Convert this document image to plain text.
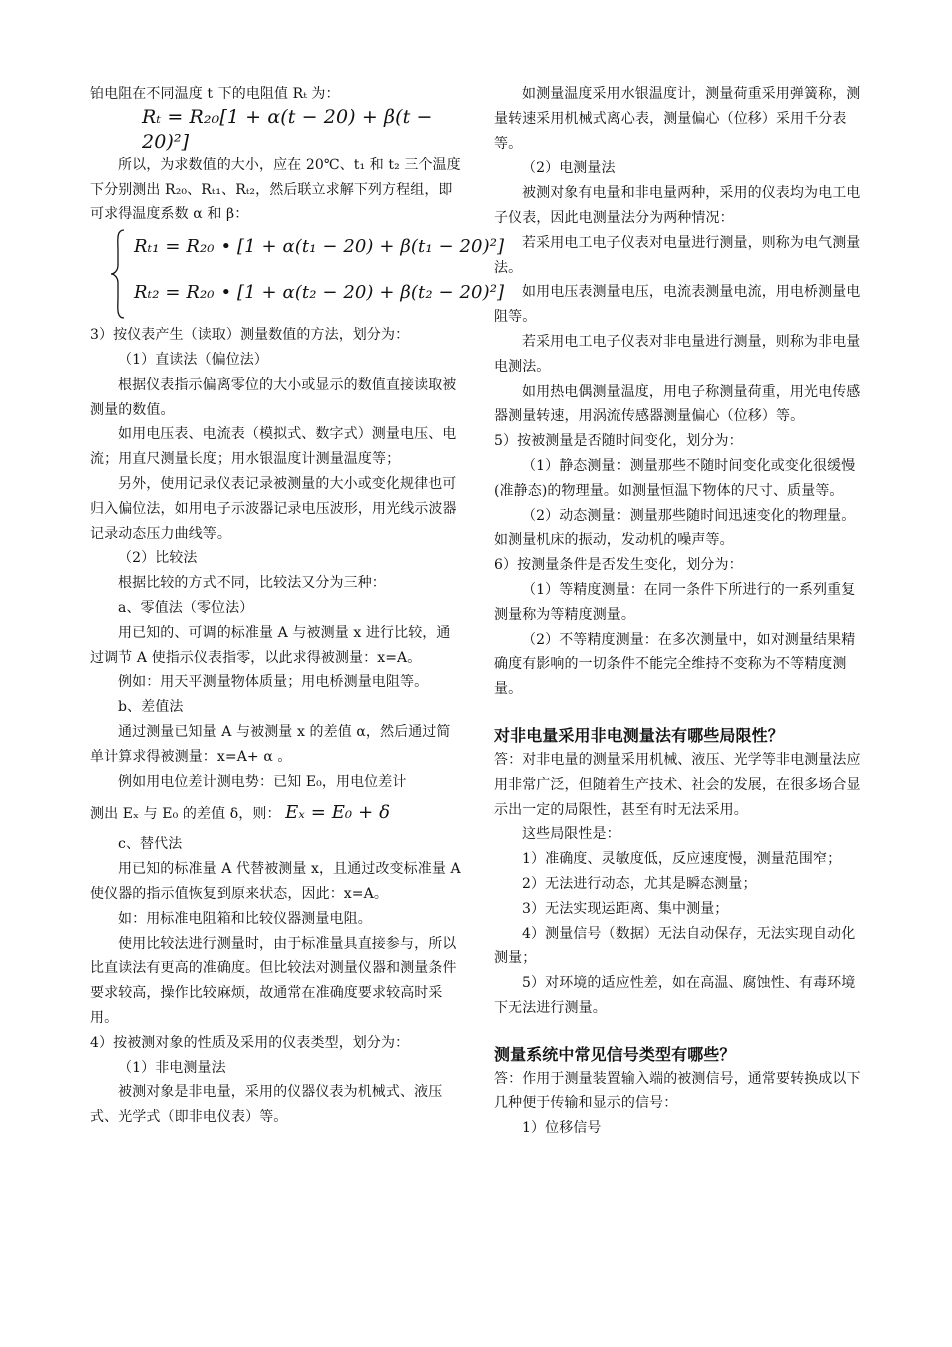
铂电阻在不同温度 t 下的电阻值 Rₜ 为：

Rₜ = R₂₀[1 + α(t − 20) + β(t − 20)²]

所以，为求数值的大小，应在 20℃、t₁ 和 t₂ 三个温度下分别测出 R₂₀、Rₜ₁、Rₜ₂，然后联立求解下列方程组，即可求得温度系数 α 和 β：

Rₜ₁ = R₂₀ • [1 + α(t₁ − 20) + β(t₁ − 20)²]
Rₜ₂ = R₂₀ • [1 + α(t₂ − 20) + β(t₂ − 20)²]

3）按仪表产生（读取）测量数值的方法，划分为：

（1）直读法（偏位法）

根据仪表指示偏离零位的大小或显示的数值直接读取被测量的数值。

如用电压表、电流表（模拟式、数字式）测量电压、电流；用直尺测量长度；用水银温度计测量温度等；

另外，使用记录仪表记录被测量的大小或变化规律也可归入偏位法，如用电子示波器记录电压波形，用光线示波器记录动态压力曲线等。

（2）比较法

根据比较的方式不同，比较法又分为三种：

a、零值法（零位法）

用已知的、可调的标准量 A 与被测量 x 进行比较，通过调节 A 使指示仪表指零，以此求得被测量：x=A。

例如：用天平测量物体质量；用电桥测量电阻等。

b、差值法

通过测量已知量 A 与被测量 x 的差值 α，然后通过简单计算求得被测量：x=A+ α 。

例如用电位差计测电势：已知 E₀，用电位差计

测出 Eₓ 与 E₀ 的差值 δ，则： Eₓ = E₀ + δ

c、替代法

用已知的标准量 A 代替被测量 x，且通过改变标准量 A 使仪器的指示值恢复到原来状态，因此：x=A。

如：用标准电阻箱和比较仪器测量电阻。

使用比较法进行测量时，由于标准量具直接参与，所以比直读法有更高的准确度。但比较法对测量仪器和测量条件要求较高，操作比较麻烦，故通常在准确度要求较高时采用。

4）按被测对象的性质及采用的仪表类型，划分为：

（1）非电测量法

被测对象是非电量，采用的仪器仪表为机械式、液压式、光学式（即非电仪表）等。

如测量温度采用水银温度计，测量荷重采用弹簧称，测量转速采用机械式离心表，测量偏心（位移）采用千分表等。

（2）电测量法

被测对象有电量和非电量两种，采用的仪表均为电工电子仪表，因此电测量法分为两种情况：

若采用电工电子仪表对电量进行测量，则称为电气测量法。

如用电压表测量电压，电流表测量电流，用电桥测量电阻等。

若采用电工电子仪表对非电量进行测量，则称为非电量电测法。

如用热电偶测量温度，用电子称测量荷重，用光电传感器测量转速，用涡流传感器测量偏心（位移）等。

5）按被测量是否随时间变化，划分为：

（1）静态测量：测量那些不随时间变化或变化很缓慢(准静态)的物理量。如测量恒温下物体的尺寸、质量等。

（2）动态测量：测量那些随时间迅速变化的物理量。如测量机床的振动，发动机的噪声等。

6）按测量条件是否发生变化，划分为：

（1）等精度测量：在同一条件下所进行的一系列重复测量称为等精度测量。

（2）不等精度测量：在多次测量中，如对测量结果精确度有影响的一切条件不能完全维持不变称为不等精度测量。

对非电量采用非电测量法有哪些局限性？

答：对非电量的测量采用机械、液压、光学等非电测量法应用非常广泛，但随着生产技术、社会的发展，在很多场合显示出一定的局限性，甚至有时无法采用。

这些局限性是：

1）准确度、灵敏度低，反应速度慢，测量范围窄；

2）无法进行动态，尤其是瞬态测量；

3）无法实现运距离、集中测量；

4）测量信号（数据）无法自动保存，无法实现自动化测量；

5）对环境的适应性差，如在高温、腐蚀性、有毒环境下无法进行测量。

测量系统中常见信号类型有哪些？

答：作用于测量装置输入端的被测信号，通常要转换成以下几种便于传输和显示的信号：

1）位移信号
